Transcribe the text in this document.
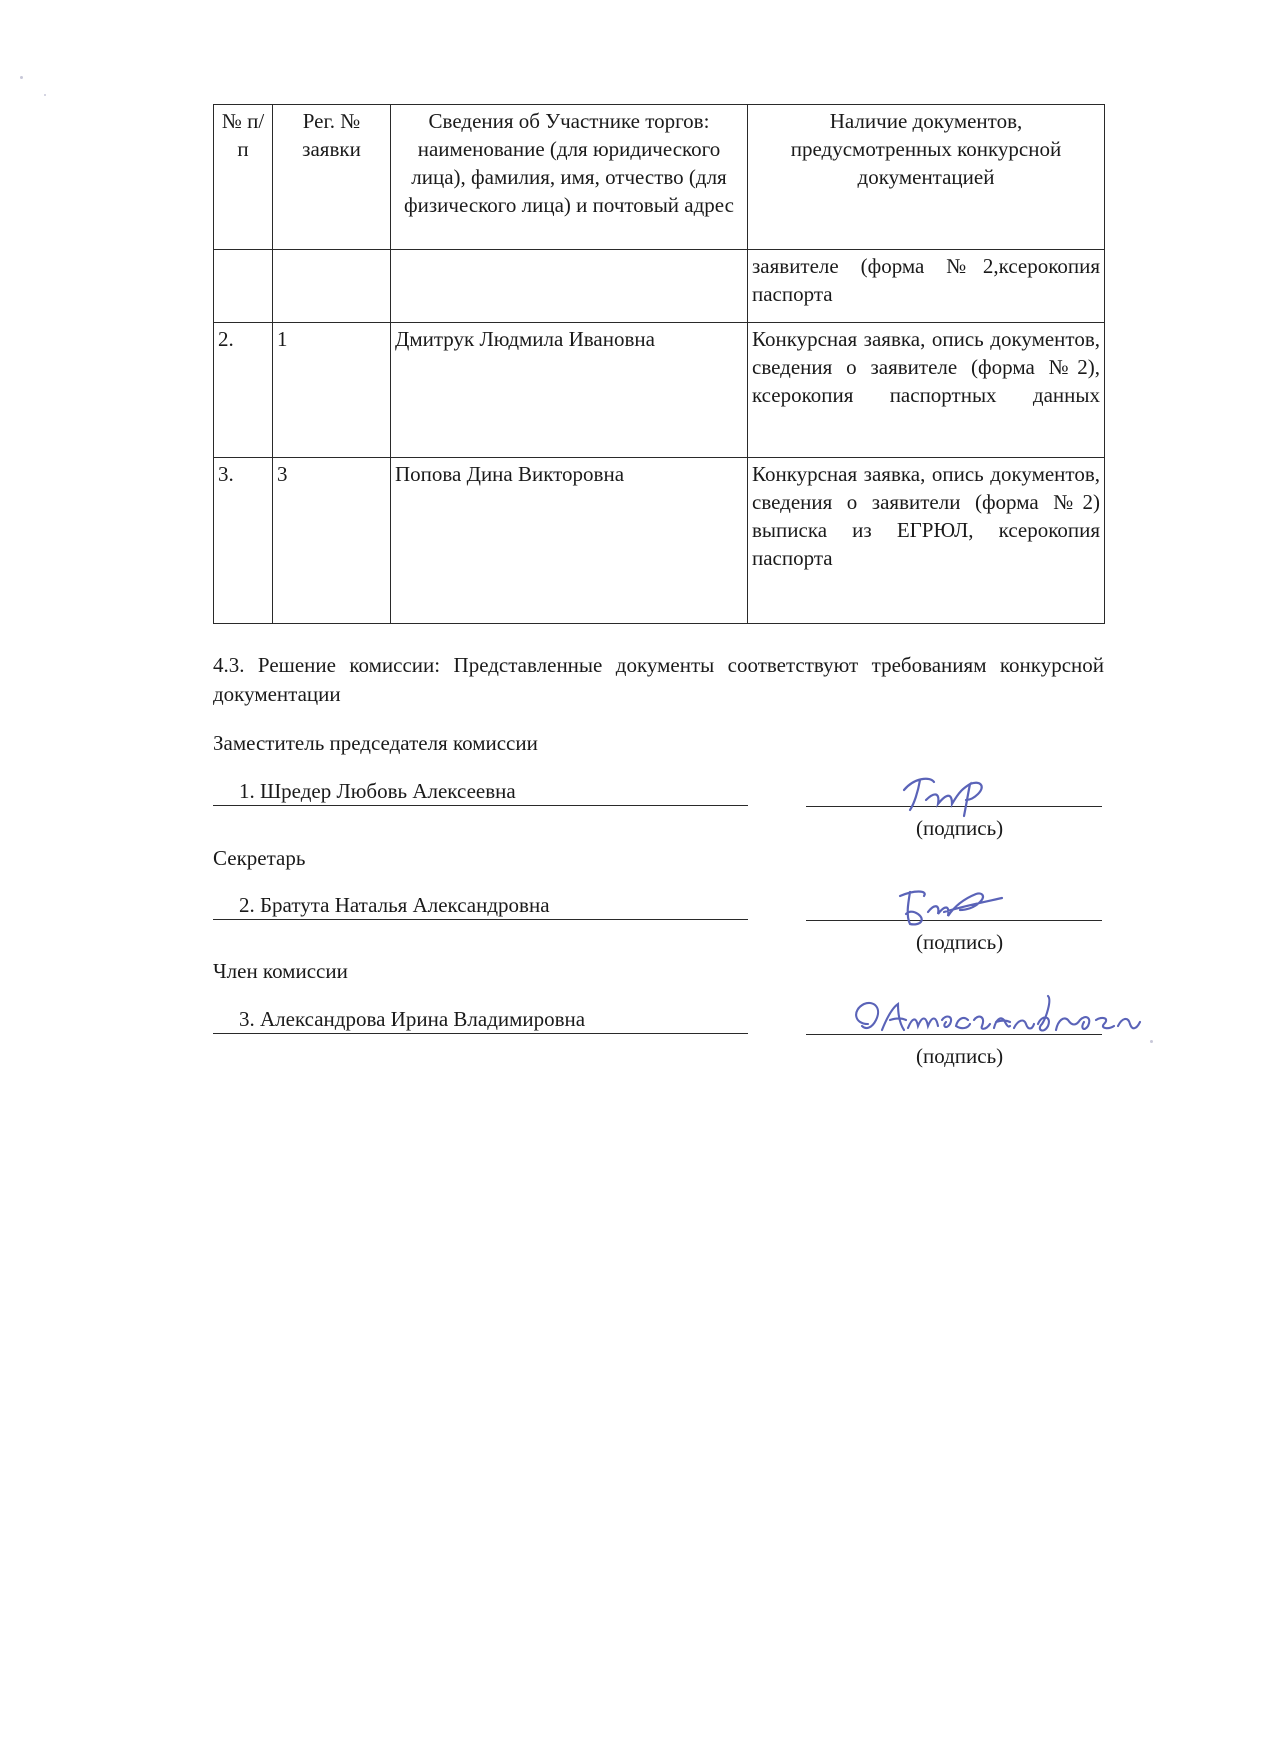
№ п/п	Рег. № заявки	Сведения об Участнике торгов: наименование (для юридического лица), фамилия, имя, отчество (для физического лица) и почтовый адрес	Наличие документов, предусмотренных конкурсной документацией
			заявителе (форма №2,ксерокопия паспорта
2.	1	Дмитрук Людмила Ивановна	Конкурсная заявка, опись документов, сведения о заявителе (форма №2), ксерокопия паспортных данных
3.	3	Попова Дина Викторовна	Конкурсная заявка, опись документов, сведения о заявители (форма №2) выписка из ЕГРЮЛ, ксерокопия паспорта
4.3. Решение комиссии: Представленные документы соответствуют требованиям конкурсной документации
Заместитель председателя комиссии
1. Шредер Любовь Алексеевна
(подпись)
Секретарь
2. Братута Наталья Александровна
(подпись)
Член комиссии
3. Александрова Ирина Владимировна
(подпись)
